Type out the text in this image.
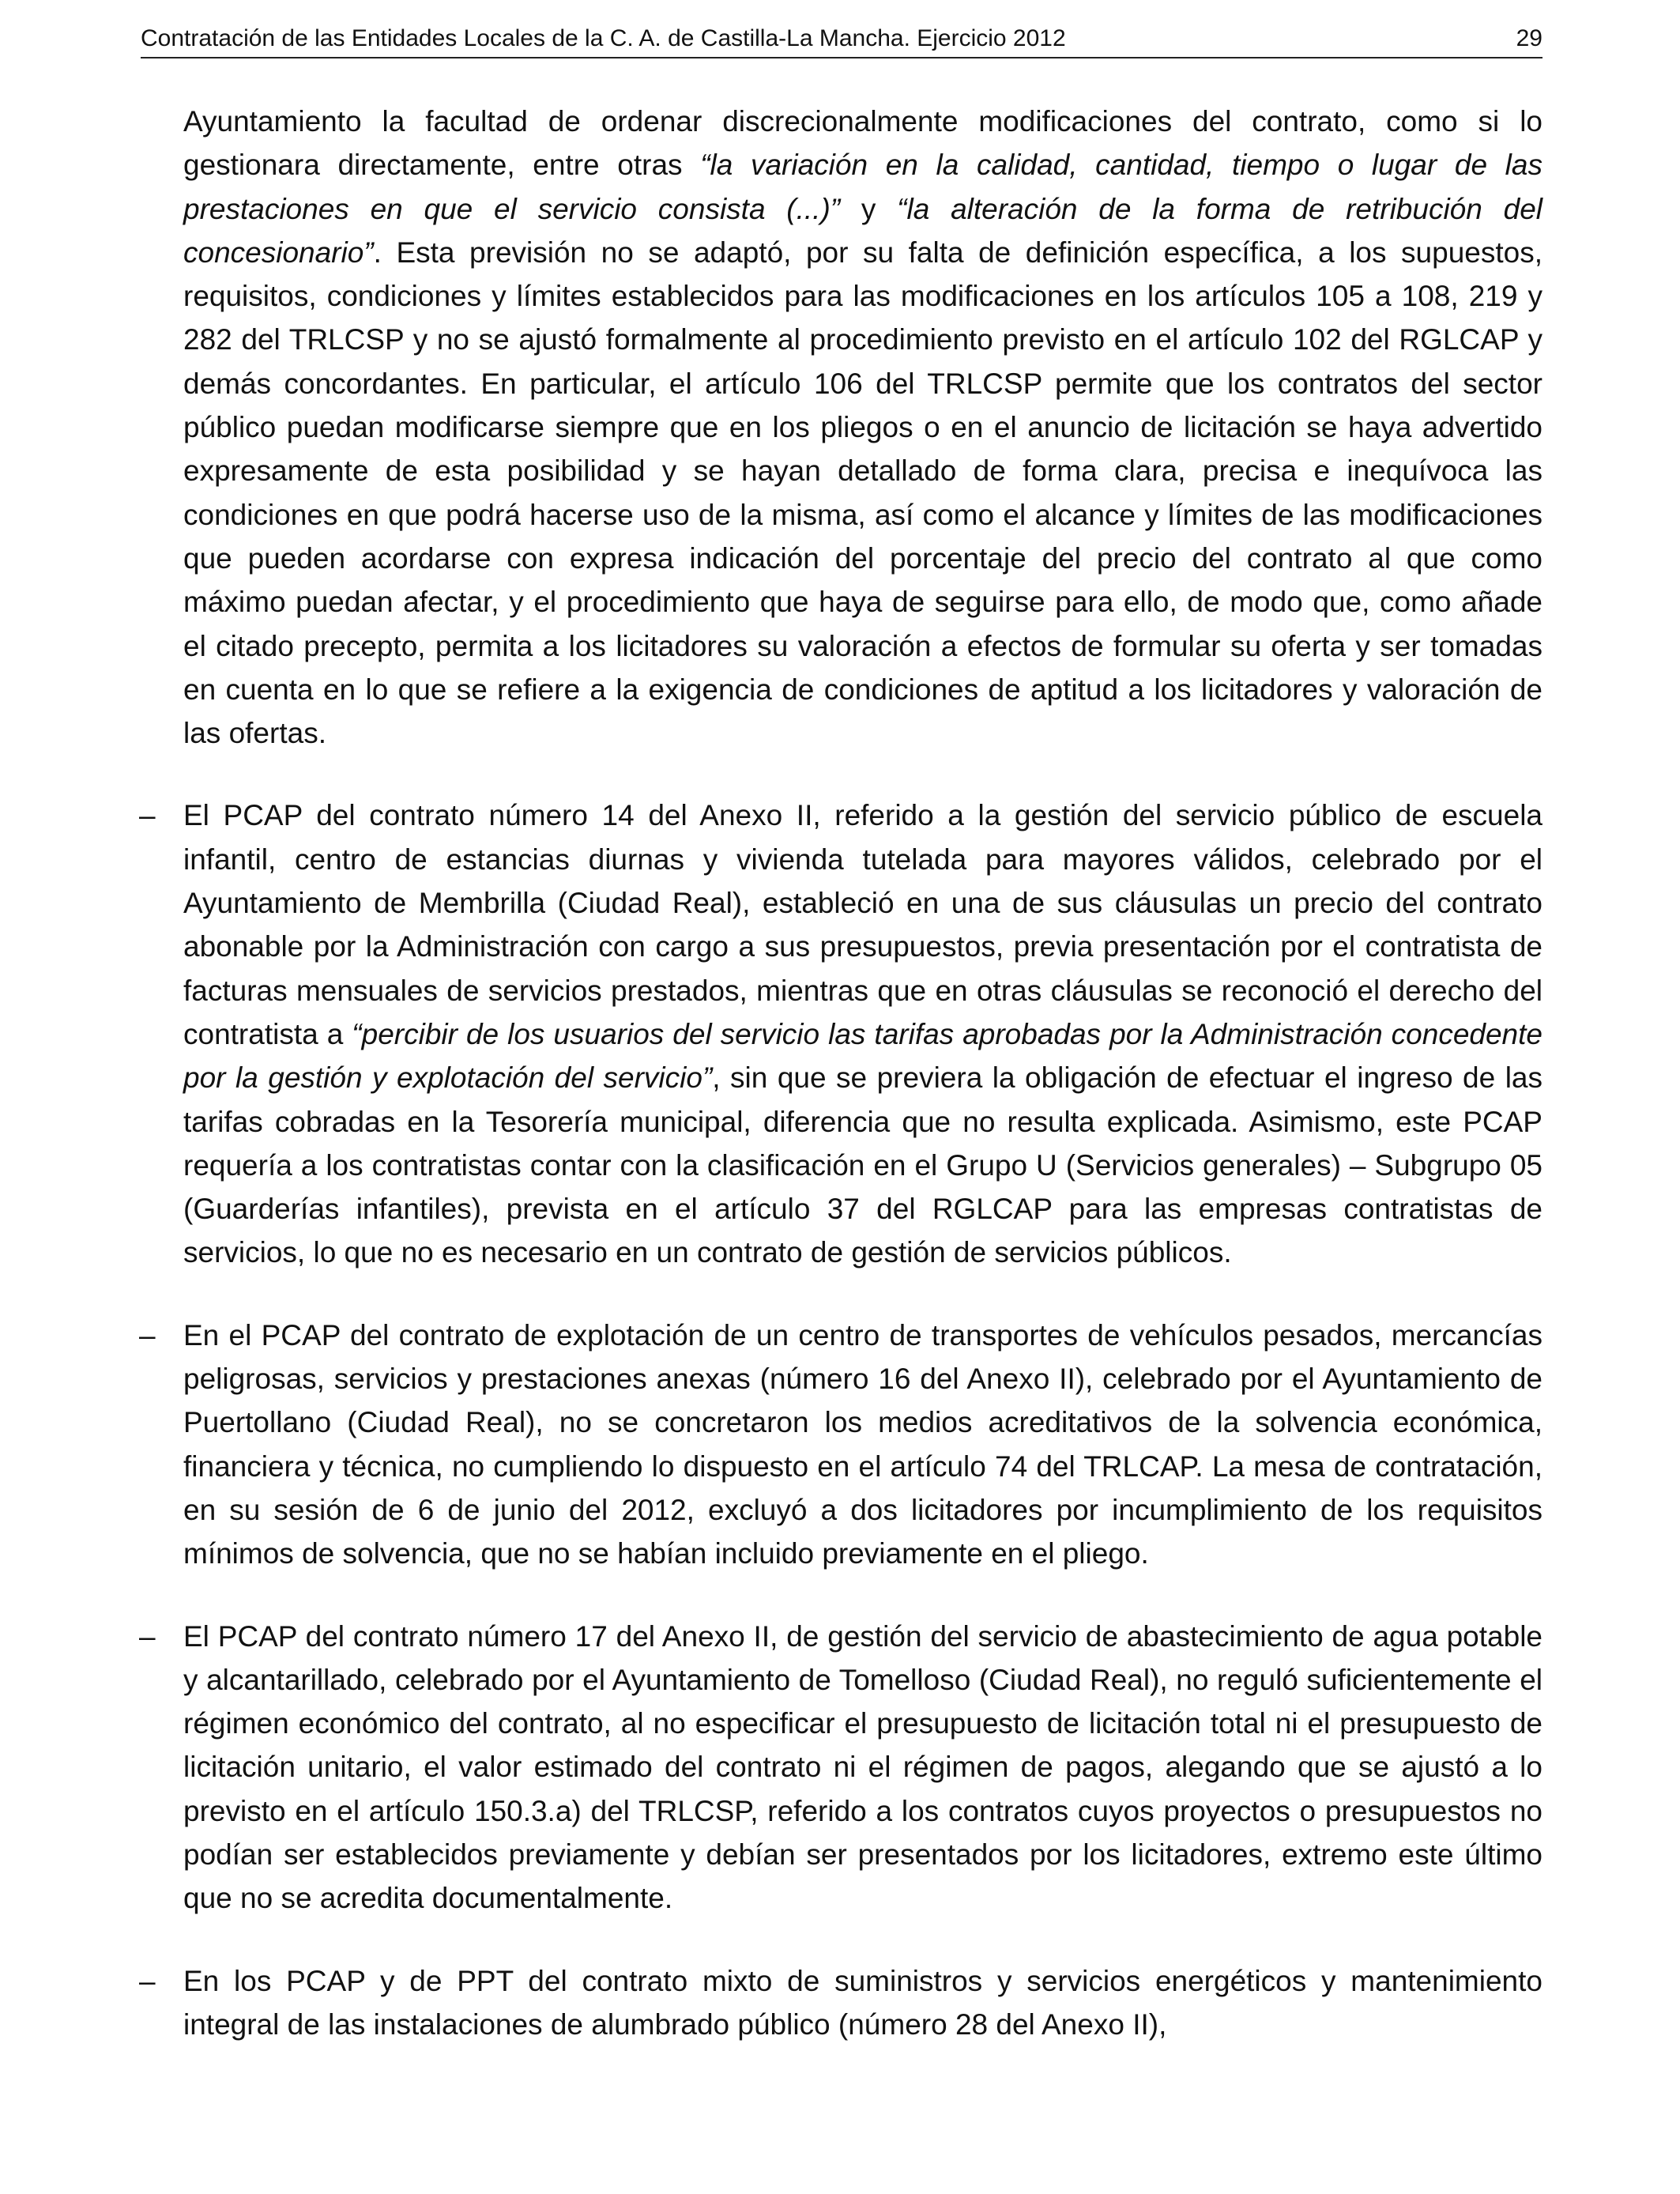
Contratación de las Entidades Locales de la C. A. de Castilla-La Mancha. Ejercicio 2012	29

Ayuntamiento la facultad de ordenar discrecionalmente modificaciones del contrato, como si lo gestionara directamente, entre otras “la variación en la calidad, cantidad, tiempo o lugar de las prestaciones en que el servicio consista (...)” y “la alteración de la forma de retribución del concesionario”. Esta previsión no se adaptó, por su falta de definición específica, a los supuestos, requisitos, condiciones y límites establecidos para las modificaciones en los artículos 105 a 108, 219 y 282 del TRLCSP y no se ajustó formalmente al procedimiento previsto en el artículo 102 del RGLCAP y demás concordantes. En particular, el artículo 106 del TRLCSP permite que los contratos del sector público puedan modificarse siempre que en los pliegos o en el anuncio de licitación se haya advertido expresamente de esta posibilidad y se hayan detallado de forma clara, precisa e inequívoca las condiciones en que podrá hacerse uso de la misma, así como el alcance y límites de las modificaciones que pueden acordarse con expresa indicación del porcentaje del precio del contrato al que como máximo puedan afectar, y el procedimiento que haya de seguirse para ello, de modo que, como añade el citado precepto, permita a los licitadores su valoración a efectos de formular su oferta y ser tomadas en cuenta en lo que se refiere a la exigencia de condiciones de aptitud a los licitadores y valoración de las ofertas.

– El PCAP del contrato número 14 del Anexo II, referido a la gestión del servicio público de escuela infantil, centro de estancias diurnas y vivienda tutelada para mayores válidos, celebrado por el Ayuntamiento de Membrilla (Ciudad Real), estableció en una de sus cláusulas un precio del contrato abonable por la Administración con cargo a sus presupuestos, previa presentación por el contratista de facturas mensuales de servicios prestados, mientras que en otras cláusulas se reconoció el derecho del contratista a “percibir de los usuarios del servicio las tarifas aprobadas por la Administración concedente por la gestión y explotación del servicio”, sin que se previera la obligación de efectuar el ingreso de las tarifas cobradas en la Tesorería municipal, diferencia que no resulta explicada. Asimismo, este PCAP requería a los contratistas contar con la clasificación en el Grupo U (Servicios generales) – Subgrupo 05 (Guarderías infantiles), prevista en el artículo 37 del RGLCAP para las empresas contratistas de servicios, lo que no es necesario en un contrato de gestión de servicios públicos.

– En el PCAP del contrato de explotación de un centro de transportes de vehículos pesados, mercancías peligrosas, servicios y prestaciones anexas (número 16 del Anexo II), celebrado por el Ayuntamiento de Puertollano (Ciudad Real), no se concretaron los medios acreditativos de la solvencia económica, financiera y técnica, no cumpliendo lo dispuesto en el artículo 74 del TRLCAP. La mesa de contratación, en su sesión de 6 de junio del 2012, excluyó a dos licitadores por incumplimiento de los requisitos mínimos de solvencia, que no se habían incluido previamente en el pliego.

– El PCAP del contrato número 17 del Anexo II, de gestión del servicio de abastecimiento de agua potable y alcantarillado, celebrado por el Ayuntamiento de Tomelloso (Ciudad Real), no reguló suficientemente el régimen económico del contrato, al no especificar el presupuesto de licitación total ni el presupuesto de licitación unitario, el valor estimado del contrato ni el régimen de pagos, alegando que se ajustó a lo previsto en el artículo 150.3.a) del TRLCSP, referido a los contratos cuyos proyectos o presupuestos no podían ser establecidos previamente y debían ser presentados por los licitadores, extremo este último que no se acredita documentalmente.

– En los PCAP y de PPT del contrato mixto de suministros y servicios energéticos y mantenimiento integral de las instalaciones de alumbrado público (número 28 del Anexo II),
